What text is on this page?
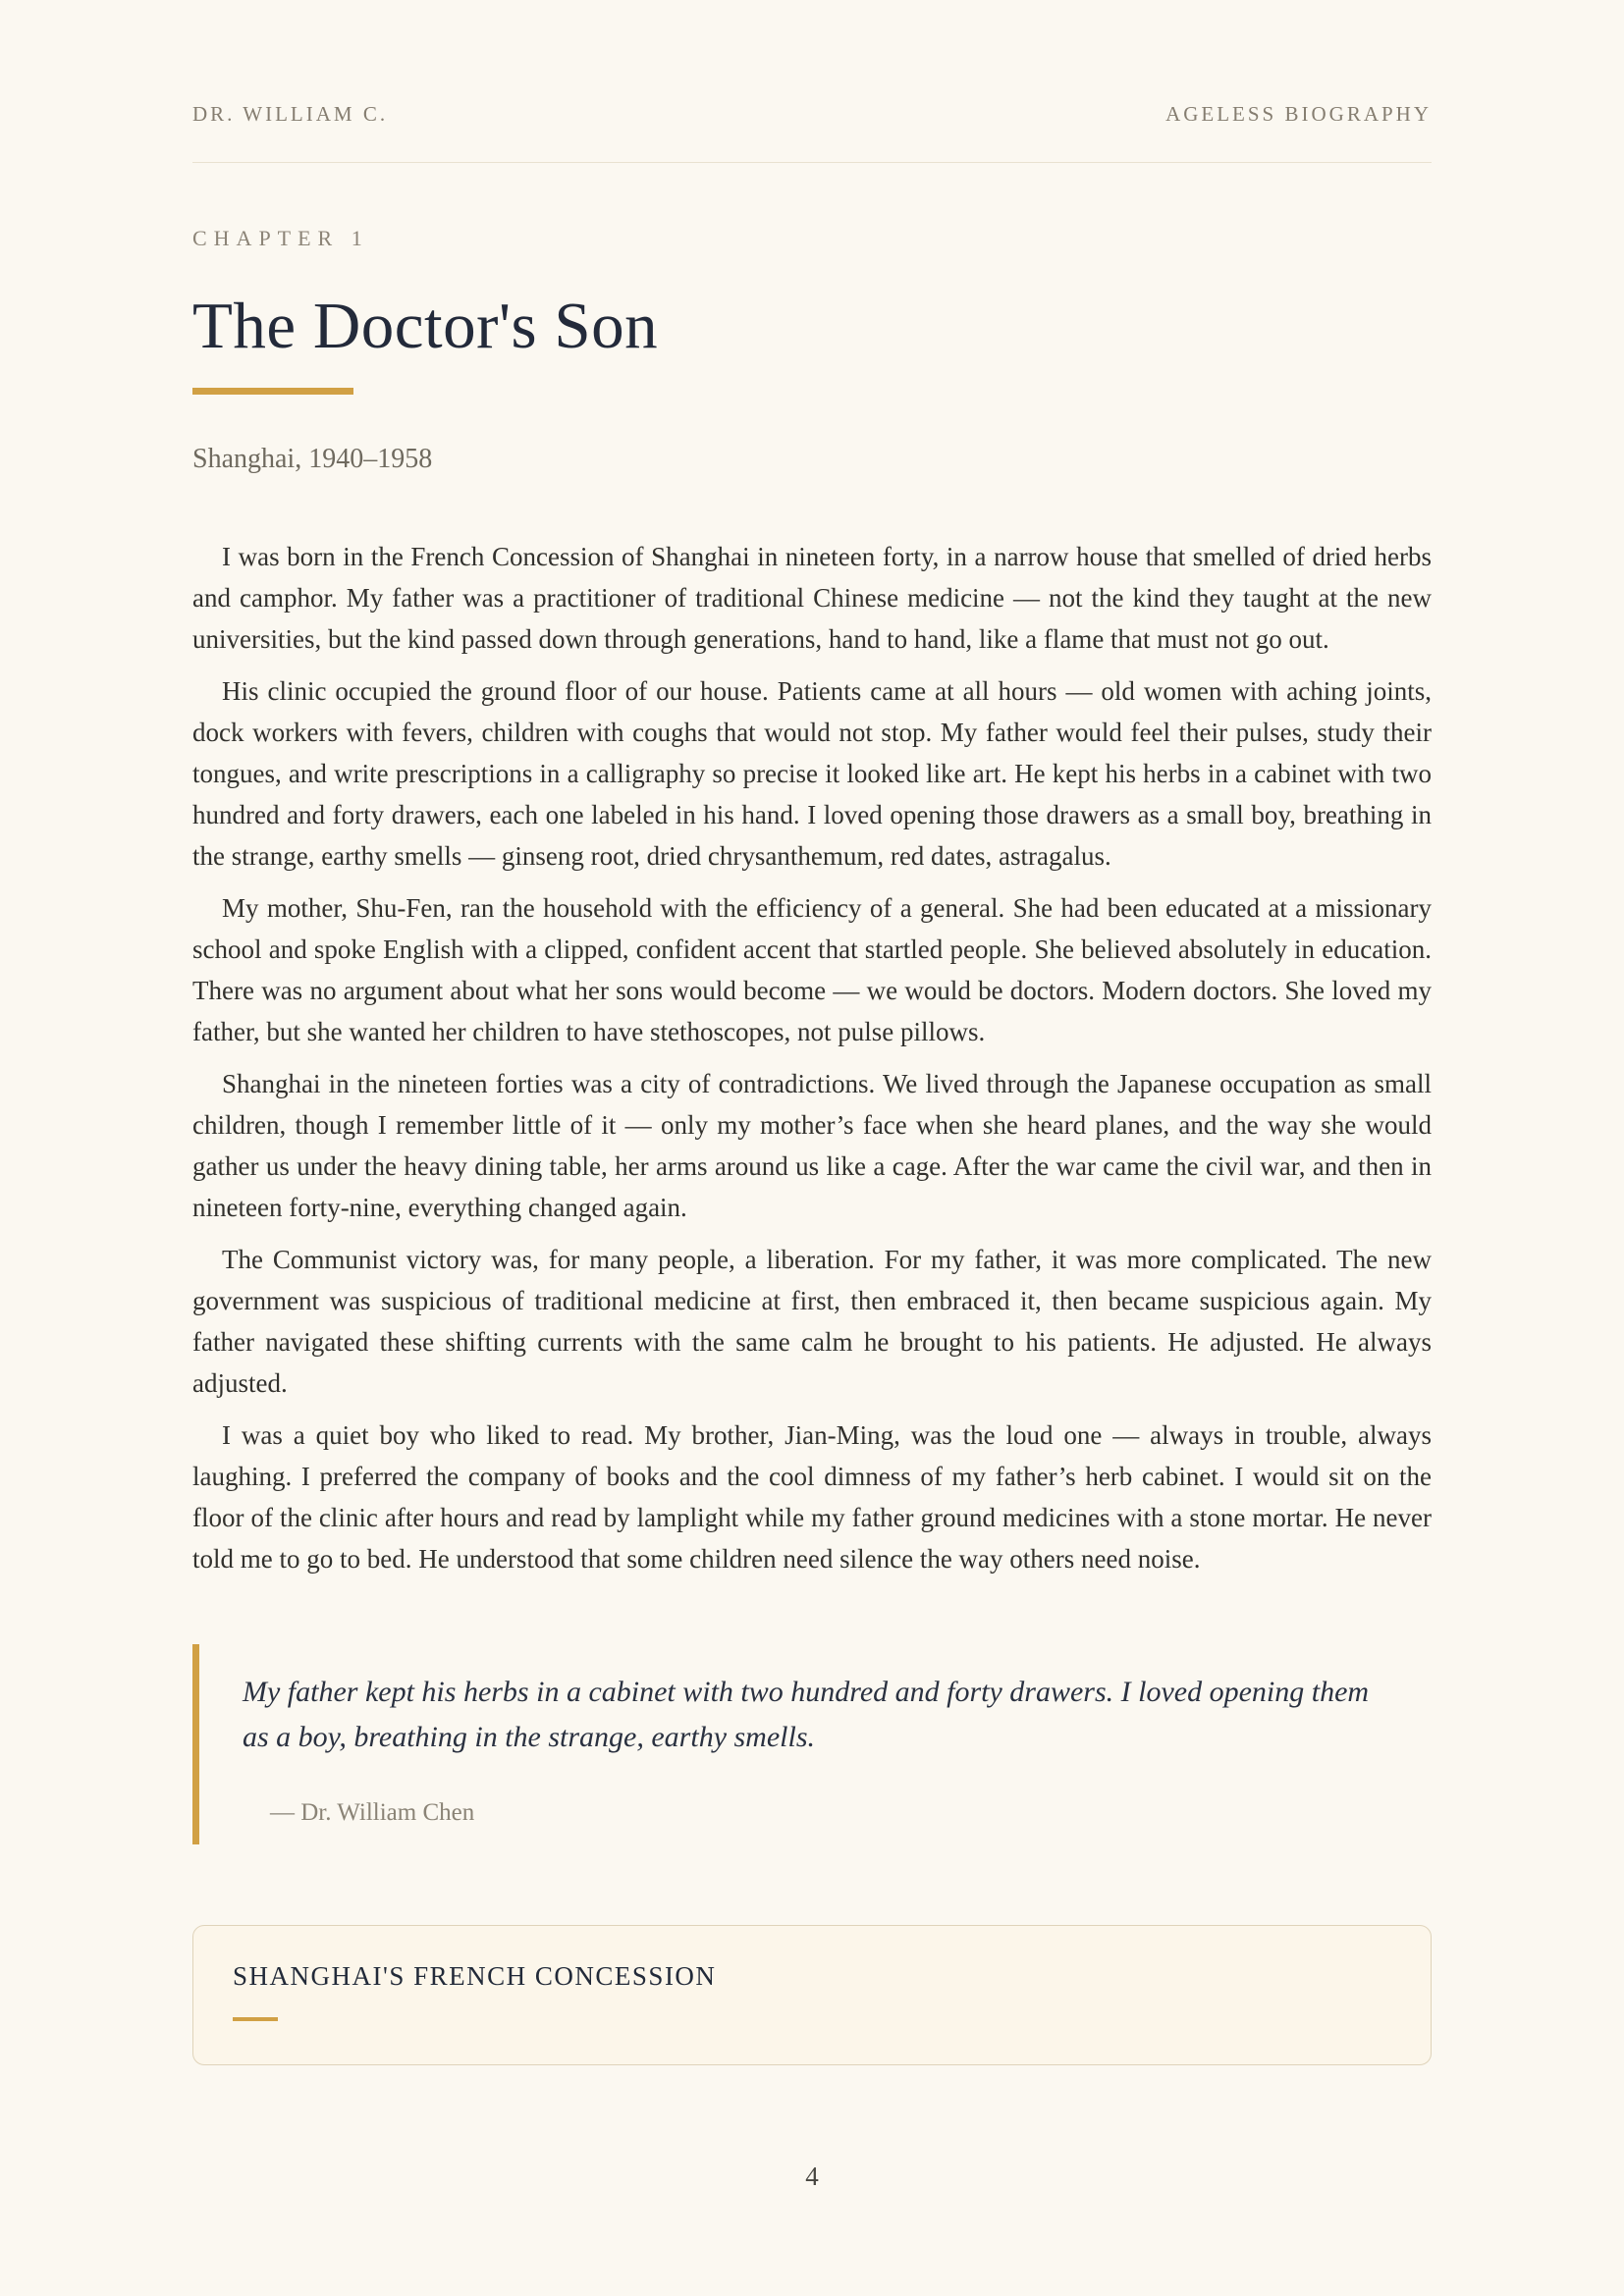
DR. WILLIAM C.	AGELESS BIOGRAPHY
CHAPTER 1
The Doctor's Son
Shanghai, 1940–1958

I was born in the French Concession of Shanghai in nineteen forty, in a narrow house that smelled of dried herbs and camphor. My father was a practitioner of traditional Chinese medicine — not the kind they taught at the new universities, but the kind passed down through generations, hand to hand, like a flame that must not go out.

His clinic occupied the ground floor of our house. Patients came at all hours — old women with aching joints, dock workers with fevers, children with coughs that would not stop. My father would feel their pulses, study their tongues, and write prescriptions in a calligraphy so precise it looked like art. He kept his herbs in a cabinet with two hundred and forty drawers, each one labeled in his hand. I loved opening those drawers as a small boy, breathing in the strange, earthy smells — ginseng root, dried chrysanthemum, red dates, astragalus.

My mother, Shu-Fen, ran the household with the efficiency of a general. She had been educated at a missionary school and spoke English with a clipped, confident accent that startled people. She believed absolutely in education. There was no argument about what her sons would become — we would be doctors. Modern doctors. She loved my father, but she wanted her children to have stethoscopes, not pulse pillows.

Shanghai in the nineteen forties was a city of contradictions. We lived through the Japanese occupation as small children, though I remember little of it — only my mother’s face when she heard planes, and the way she would gather us under the heavy dining table, her arms around us like a cage. After the war came the civil war, and then in nineteen forty-nine, everything changed again.

The Communist victory was, for many people, a liberation. For my father, it was more complicated. The new government was suspicious of traditional medicine at first, then embraced it, then became suspicious again. My father navigated these shifting currents with the same calm he brought to his patients. He adjusted. He always adjusted.

I was a quiet boy who liked to read. My brother, Jian-Ming, was the loud one — always in trouble, always laughing. I preferred the company of books and the cool dimness of my father’s herb cabinet. I would sit on the floor of the clinic after hours and read by lamplight while my father ground medicines with a stone mortar. He never told me to go to bed. He understood that some children need silence the way others need noise.

My father kept his herbs in a cabinet with two hundred and forty drawers. I loved opening them as a boy, breathing in the strange, earthy smells.
— Dr. William Chen
SHANGHAI'S FRENCH CONCESSION
4
